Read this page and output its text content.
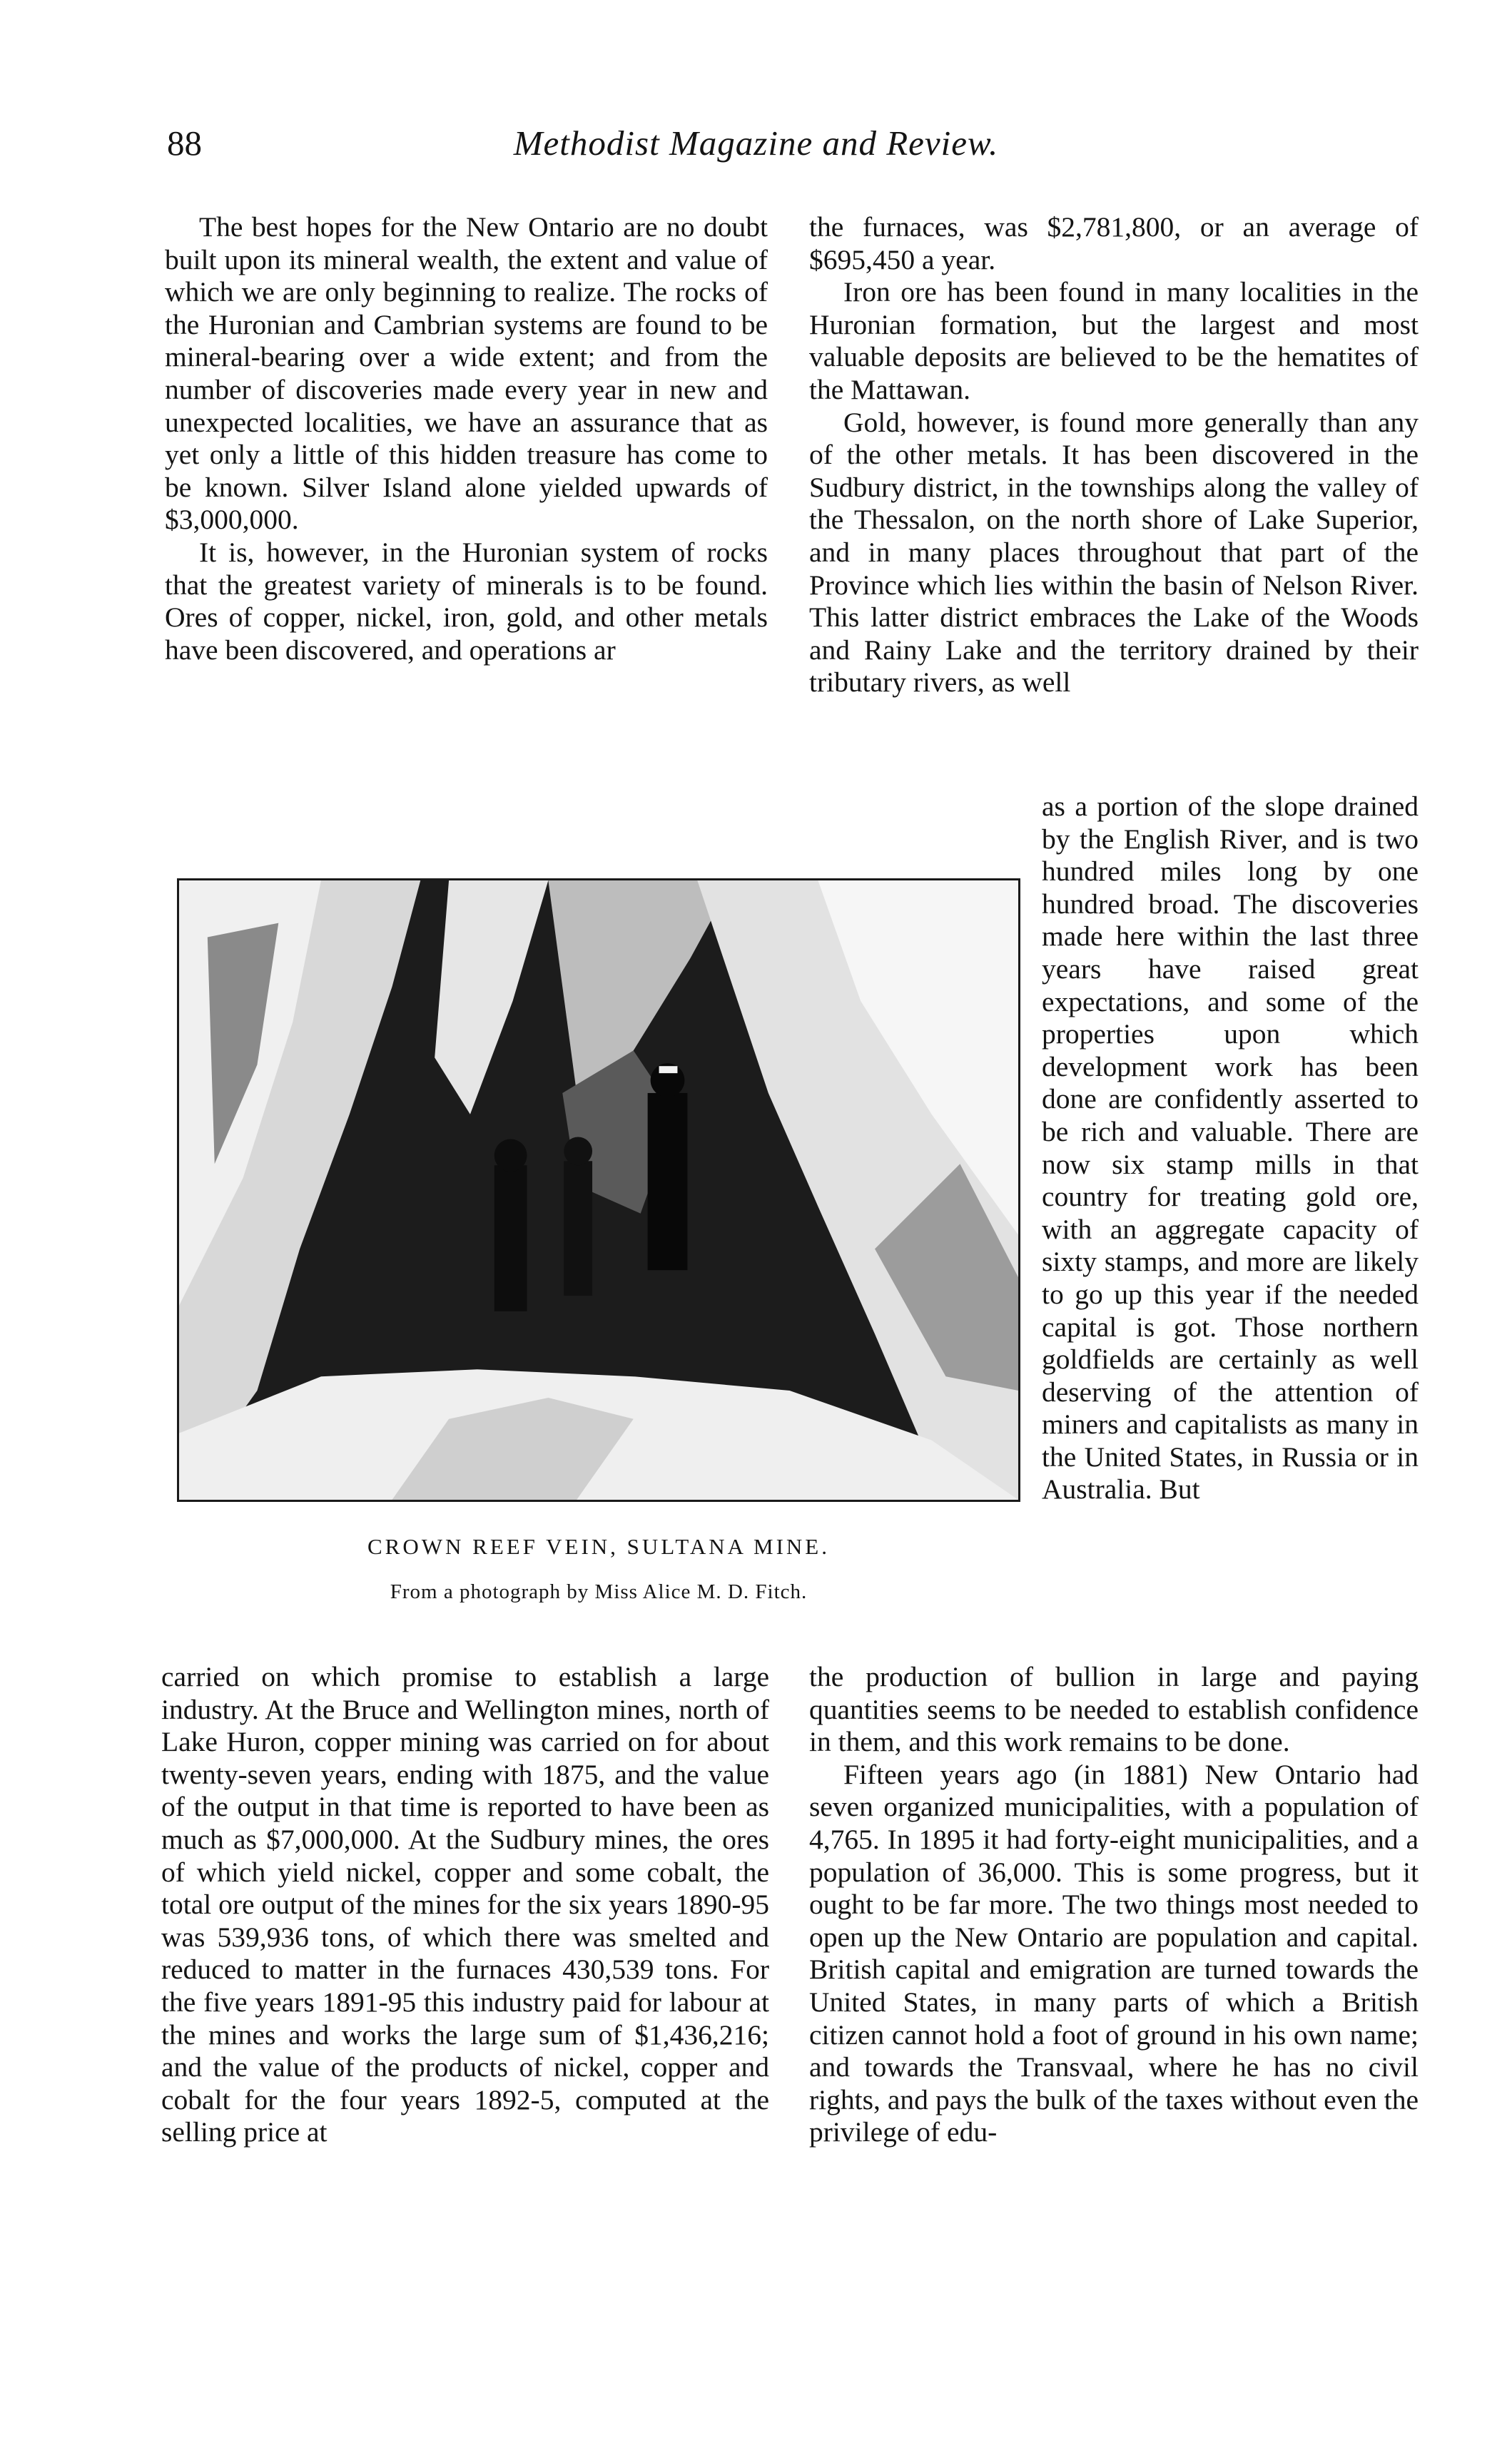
88	Methodist Magazine and Review.

The best hopes for the New Ontario are no doubt built upon its mineral wealth, the extent and value of which we are only beginning to realize. The rocks of the Huronian and Cambrian systems are found to be mineral-bearing over a wide extent; and from the number of discoveries made every year in new and unexpected localities, we have an assurance that as yet only a little of this hidden treasure has come to be known. Silver Island alone yielded upwards of $3,000,000.

It is, however, in the Huronian system of rocks that the greatest variety of minerals is to be found. Ores of copper, nickel, iron, gold, and other metals have been discovered, and operations ar

the furnaces, was $2,781,800, or an average of $695,450 a year.

Iron ore has been found in many localities in the Huronian formation, but the largest and most valuable deposits are believed to be the hematites of the Mattawan.

Gold, however, is found more generally than any of the other metals. It has been discovered in the Sudbury district, in the townships along the valley of the Thessalon, on the north shore of Lake Superior, and in many places throughout that part of the Province which lies within the basin of Nelson River. This latter district embraces the Lake of the Woods and Rainy Lake and the territory drained by their tributary rivers, as well

as a portion of the slope drained by the English River, and is two hundred miles long by one hundred broad. The discoveries made here within the last three years have raised great expectations, and some of the properties upon which development work has been done are confidently asserted to be rich and valuable. There are now six stamp mills in that country for treating gold ore, with an aggregate capacity of sixty stamps, and more are likely to go up this year if the needed capital is got. Those northern goldfields are certainly as well deserving of the attention of miners and capitalists as many in the United States, in Russia or in Australia. But

CROWN REEF VEIN, SULTANA MINE.
From a photograph by Miss Alice M. D. Fitch.

carried on which promise to establish a large industry. At the Bruce and Wellington mines, north of Lake Huron, copper mining was carried on for about twenty-seven years, ending with 1875, and the value of the output in that time is reported to have been as much as $7,000,000. At the Sudbury mines, the ores of which yield nickel, copper and some cobalt, the total ore output of the mines for the six years 1890-95 was 539,936 tons, of which there was smelted and reduced to matter in the furnaces 430,539 tons. For the five years 1891-95 this industry paid for labour at the mines and works the large sum of $1,436,216; and the value of the products of nickel, copper and cobalt for the four years 1892-5, computed at the selling price at

the production of bullion in large and paying quantities seems to be needed to establish confidence in them, and this work remains to be done.

Fifteen years ago (in 1881) New Ontario had seven organized municipalities, with a population of 4,765. In 1895 it had forty-eight municipalities, and a population of 36,000. This is some progress, but it ought to be far more. The two things most needed to open up the New Ontario are population and capital. British capital and emigration are turned towards the United States, in many parts of which a British citizen cannot hold a foot of ground in his own name; and towards the Transvaal, where he has no civil rights, and pays the bulk of the taxes without even the privilege of edu-
